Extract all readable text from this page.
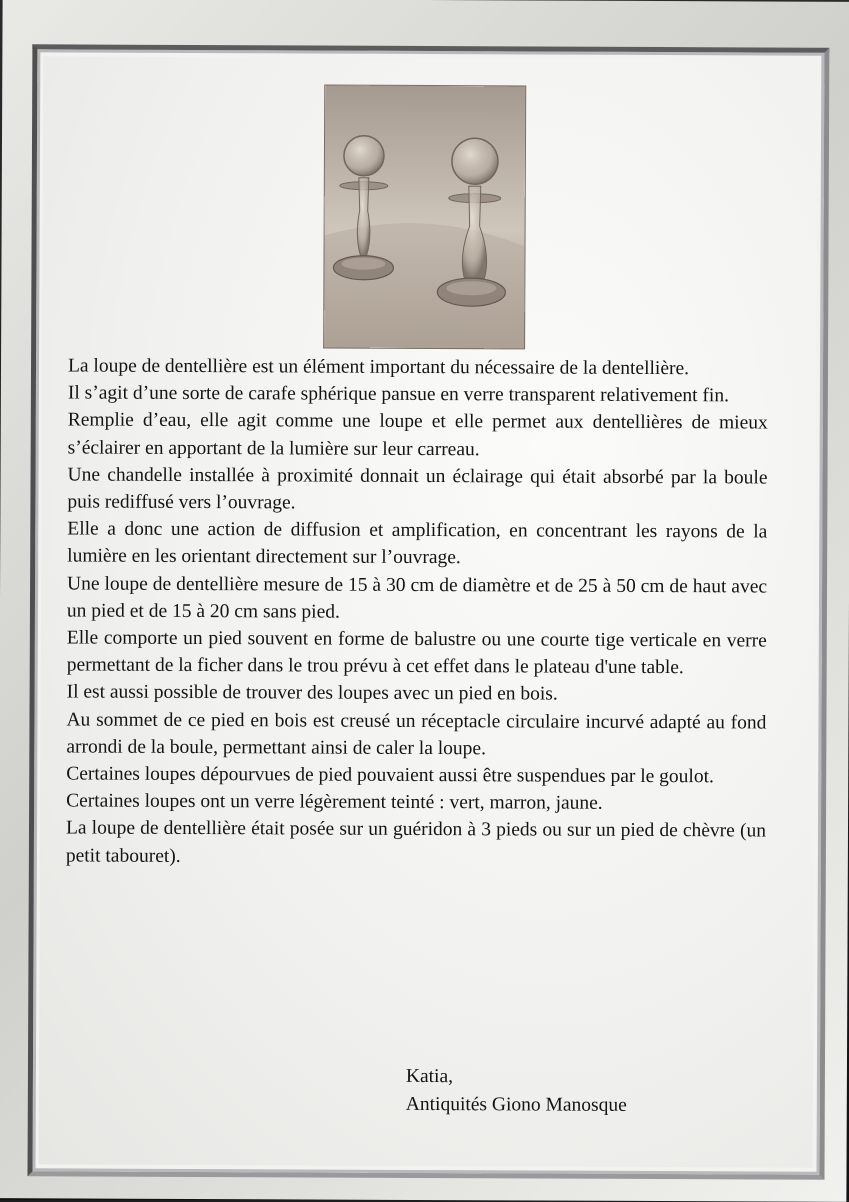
La loupe de dentellière est un élément important du nécessaire de la dentellière.

Il s’agit d’une sorte de carafe sphérique pansue en verre transparent relativement fin.

Remplie d’eau, elle agit comme une loupe et elle permet aux dentellières de mieux s’éclairer en apportant de la lumière sur leur carreau.

Une chandelle installée à proximité donnait un éclairage qui était absorbé par la boule puis rediffusé vers l’ouvrage.

Elle a donc une action de diffusion et amplification, en concentrant les rayons de la lumière en les orientant directement sur l’ouvrage.

Une loupe de dentellière mesure de 15 à 30 cm de diamètre et de 25 à 50 cm de haut avec un pied et de 15 à 20 cm sans pied.

Elle comporte un pied souvent en forme de balustre ou une courte tige verticale en verre permettant de la ficher dans le trou prévu à cet effet dans le plateau d'une table.

Il est aussi possible de trouver des loupes avec un pied en bois.

Au sommet de ce pied en bois est creusé un réceptacle circulaire incurvé adapté au fond arrondi de la boule, permettant ainsi de caler la loupe.

Certaines loupes dépourvues de pied pouvaient aussi être suspendues par le goulot.

Certaines loupes ont un verre légèrement teinté : vert, marron, jaune.

La loupe de dentellière était posée sur un guéridon à 3 pieds ou sur un pied de chèvre (un petit tabouret).

Katia,
Antiquités Giono Manosque
